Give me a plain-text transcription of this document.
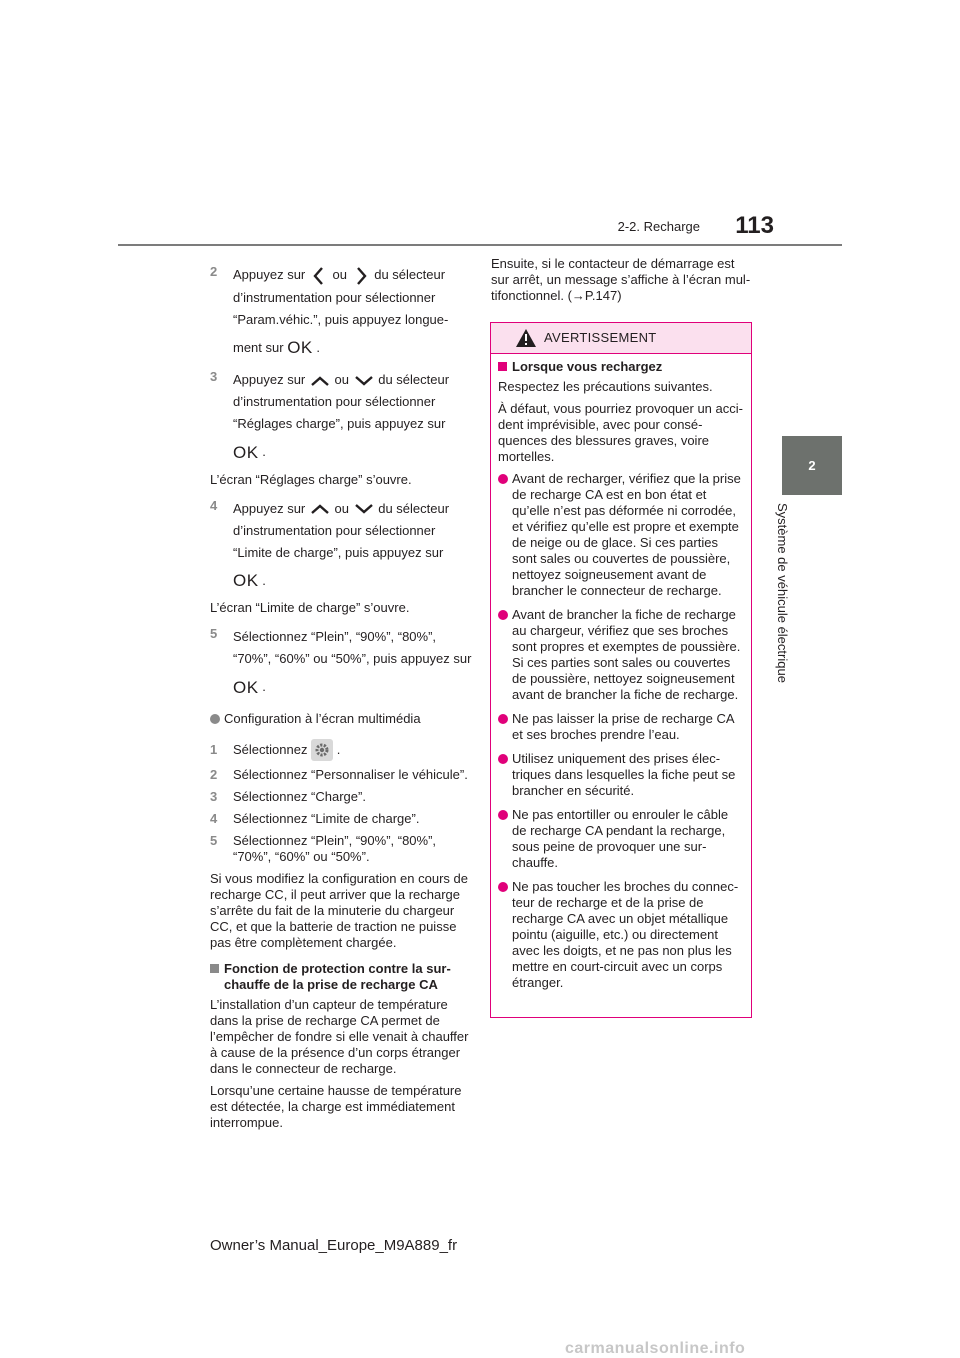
113
2-2. Recharge
2
Système de véhicule électrique
2 Appuyez sur ou du sélecteur
d’instrumentation pour sélectionner
“Param.véhic.”, puis appuyez longue-
ment sur OK .
3 Appuyez sur ou du sélecteur
d’instrumentation pour sélectionner
“Réglages charge”, puis appuyez sur
OK .
L’écran “Réglages charge” s’ouvre.
4 Appuyez sur ou du sélecteur
d’instrumentation pour sélectionner
“Limite de charge”, puis appuyez sur
OK .
L’écran “Limite de charge” s’ouvre.
5 Sélectionnez “Plein”, “90%”, “80%”,
“70%”, “60%” ou “50%”, puis appuyez sur
OK .
Configuration à l’écran multimédia
1 Sélectionnez .
2 Sélectionnez “Personnaliser le véhicule”.
3 Sélectionnez “Charge”.
4 Sélectionnez “Limite de charge”.
5 Sélectionnez “Plein”, “90%”, “80%”, “70%”, “60%” ou “50%”.
Si vous modifiez la configuration en cours de recharge CC, il peut arriver que la recharge s’arrête du fait de la minuterie du chargeur CC, et que la batterie de traction ne puisse pas être complètement chargée.
Fonction de protection contre la sur-chauffe de la prise de recharge CA
L’installation d’un capteur de température dans la prise de recharge CA permet de l’empêcher de fondre si elle venait à chauffer à cause de la présence d’un corps étranger dans le connecteur de recharge.
Lorsqu’une certaine hausse de température est détectée, la charge est immédiatement interrompue.
Ensuite, si le contacteur de démarrage est sur arrêt, un message s’affiche à l’écran mul-tifonctionnel. (→P.147)
AVERTISSEMENT
Lorsque vous rechargez
Respectez les précautions suivantes.
À défaut, vous pourriez provoquer un acci-dent imprévisible, avec pour consé-quences des blessures graves, voire mortelles.
Avant de recharger, vérifiez que la prise de recharge CA est en bon état et qu’elle n’est pas déformée ni corrodée, et vérifiez qu’elle est propre et exempte de neige ou de glace. Si ces parties sont sales ou couvertes de poussière, nettoyez soigneusement avant de brancher le connecteur de recharge.
Avant de brancher la fiche de recharge au chargeur, vérifiez que ses broches sont propres et exemptes de poussière. Si ces parties sont sales ou couvertes de poussière, nettoyez soigneusement avant de brancher la fiche de recharge.
Ne pas laisser la prise de recharge CA et ses broches prendre l’eau.
Utilisez uniquement des prises élec-triques dans lesquelles la fiche peut se brancher en sécurité.
Ne pas entortiller ou enrouler le câble de recharge CA pendant la recharge, sous peine de provoquer une sur-chauffe.
Ne pas toucher les broches du connec-teur de recharge et de la prise de recharge CA avec un objet métallique pointu (aiguille, etc.) ou directement avec les doigts, et ne pas non plus les mettre en court-circuit avec un corps étranger.
Owner’s Manual_Europe_M9A889_fr
carmanualsonline.info
